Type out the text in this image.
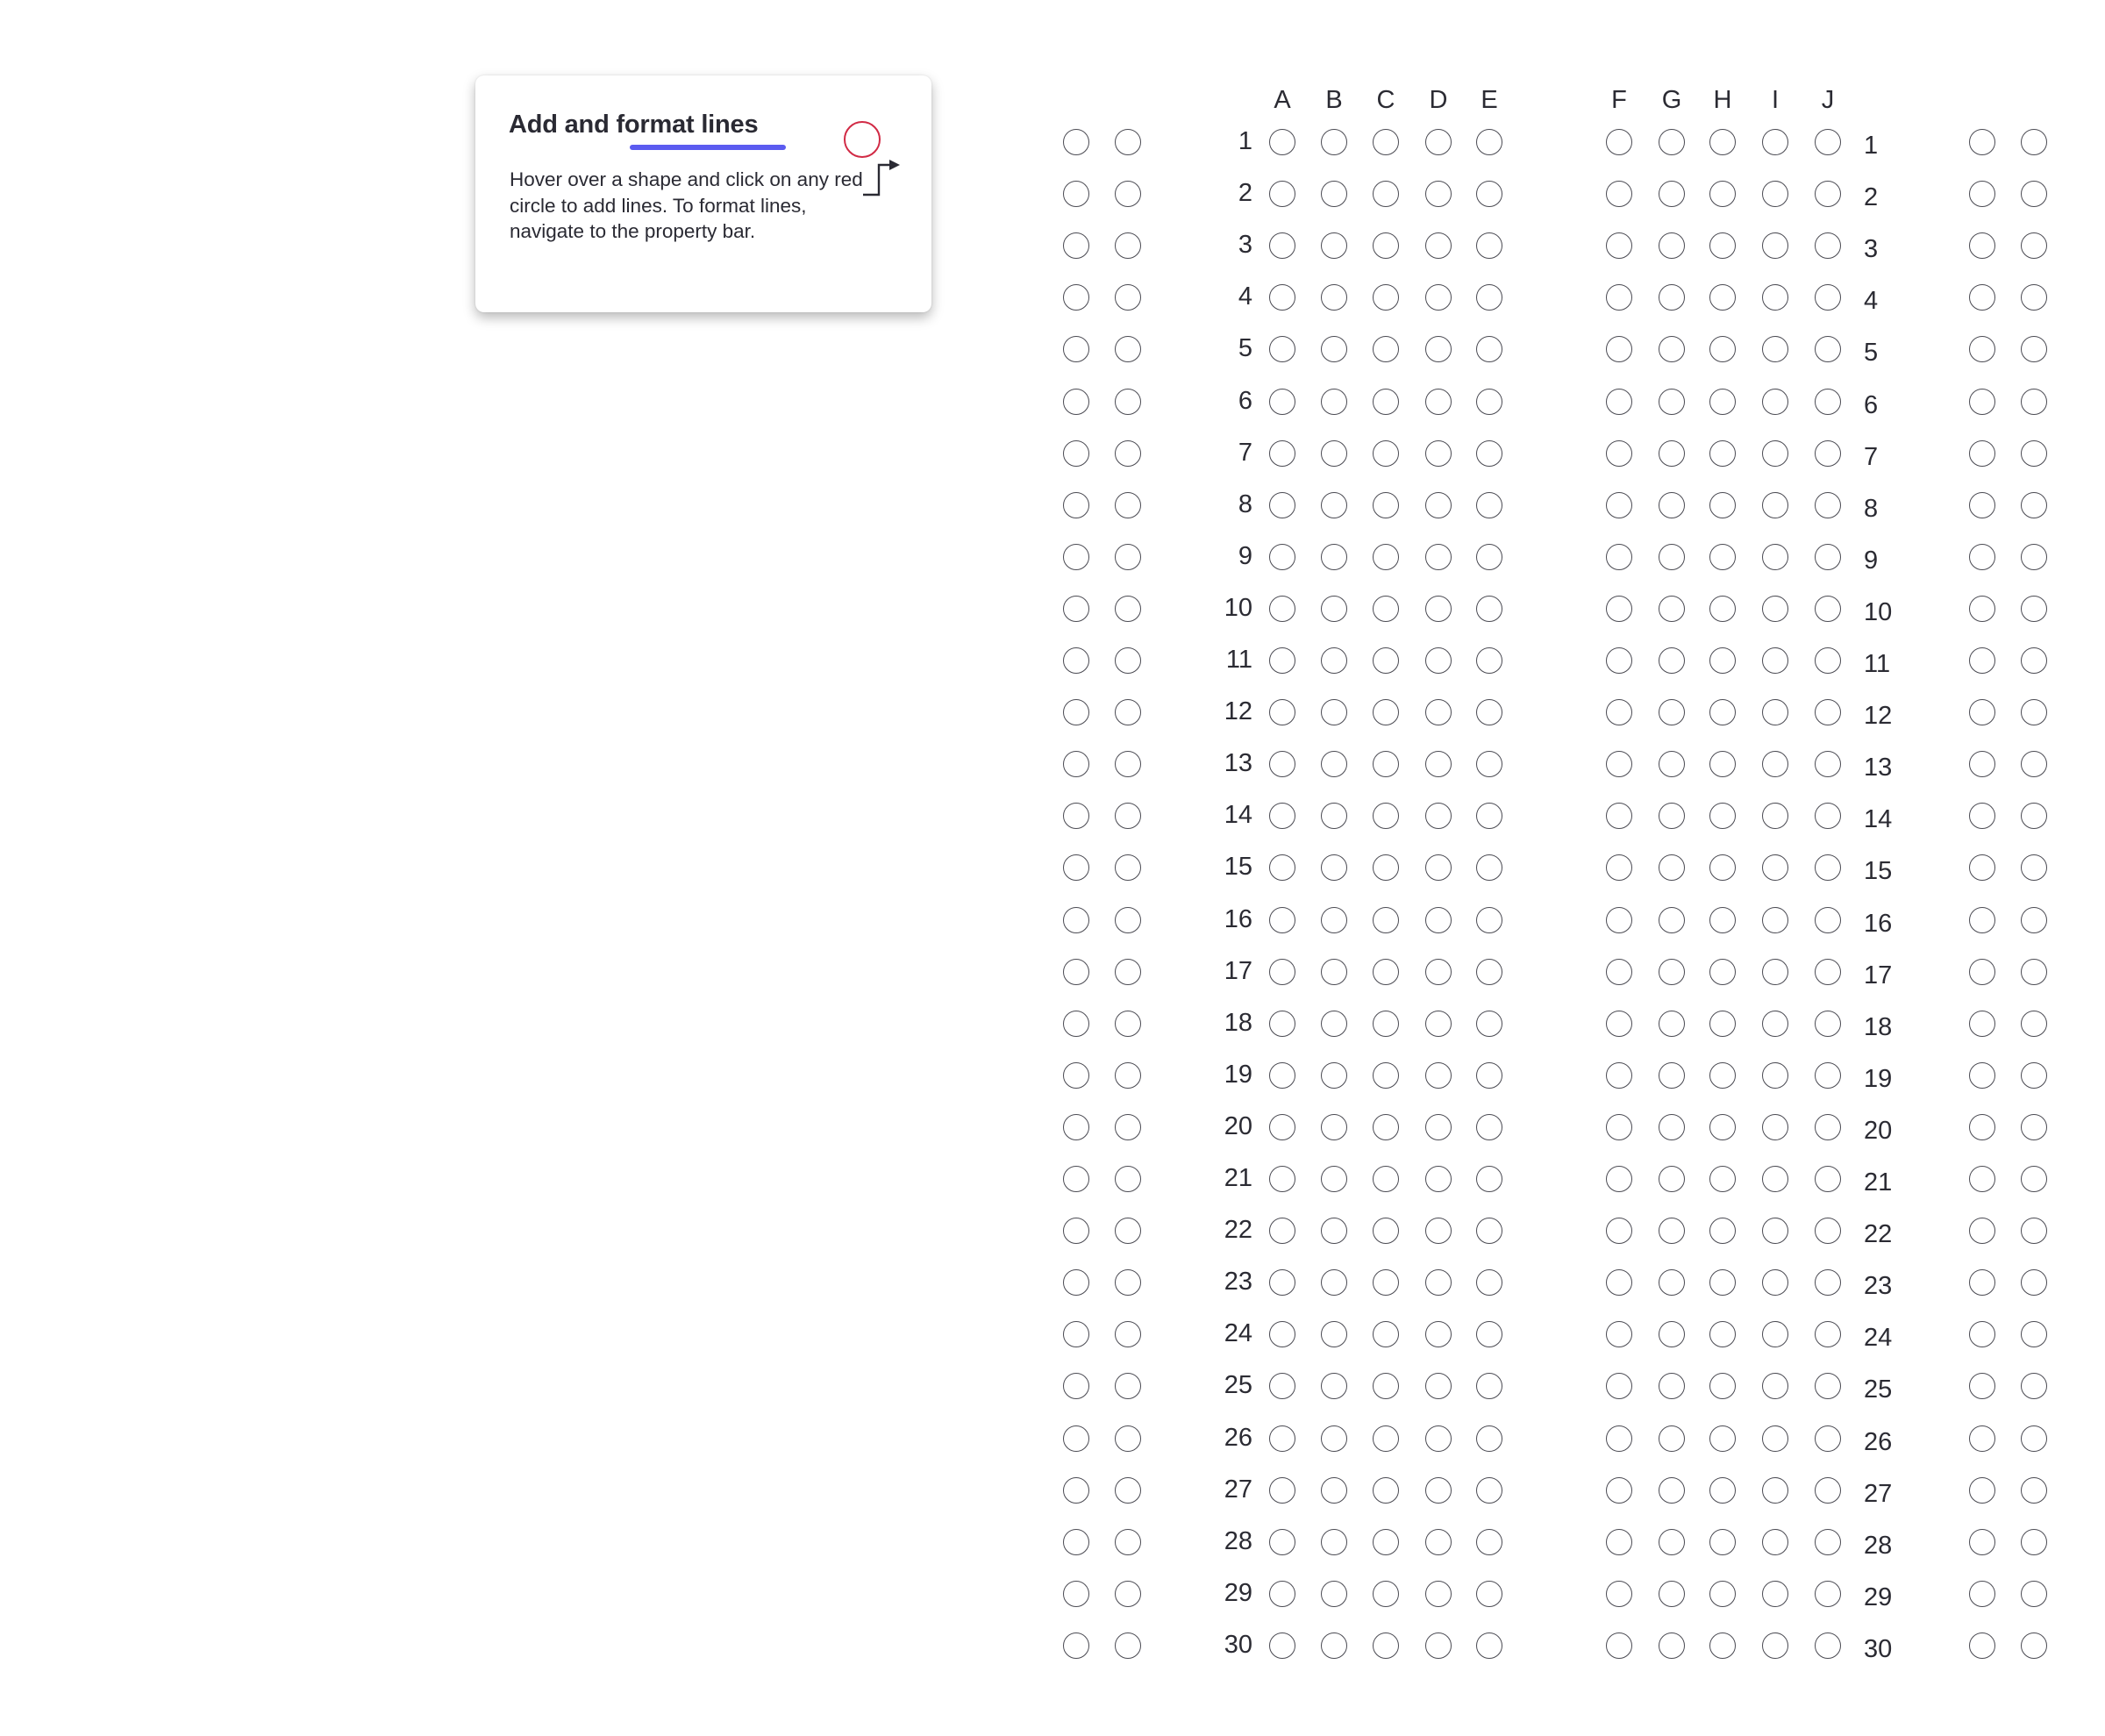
Add and format lines
Hover over a shape and click on any red circle to add lines. To format lines, navigate to the property bar.
A B C D E	F G H I J
1	1
2	2
3	3
4	4
5	5
6	6
7	7
8	8
9	9
10	10
11	11
12	12
13	13
14	14
15	15
16	16
17	17
18	18
19	19
20	20
21	21
22	22
23	23
24	24
25	25
26	26
27	27
28	28
29	29
30	30
